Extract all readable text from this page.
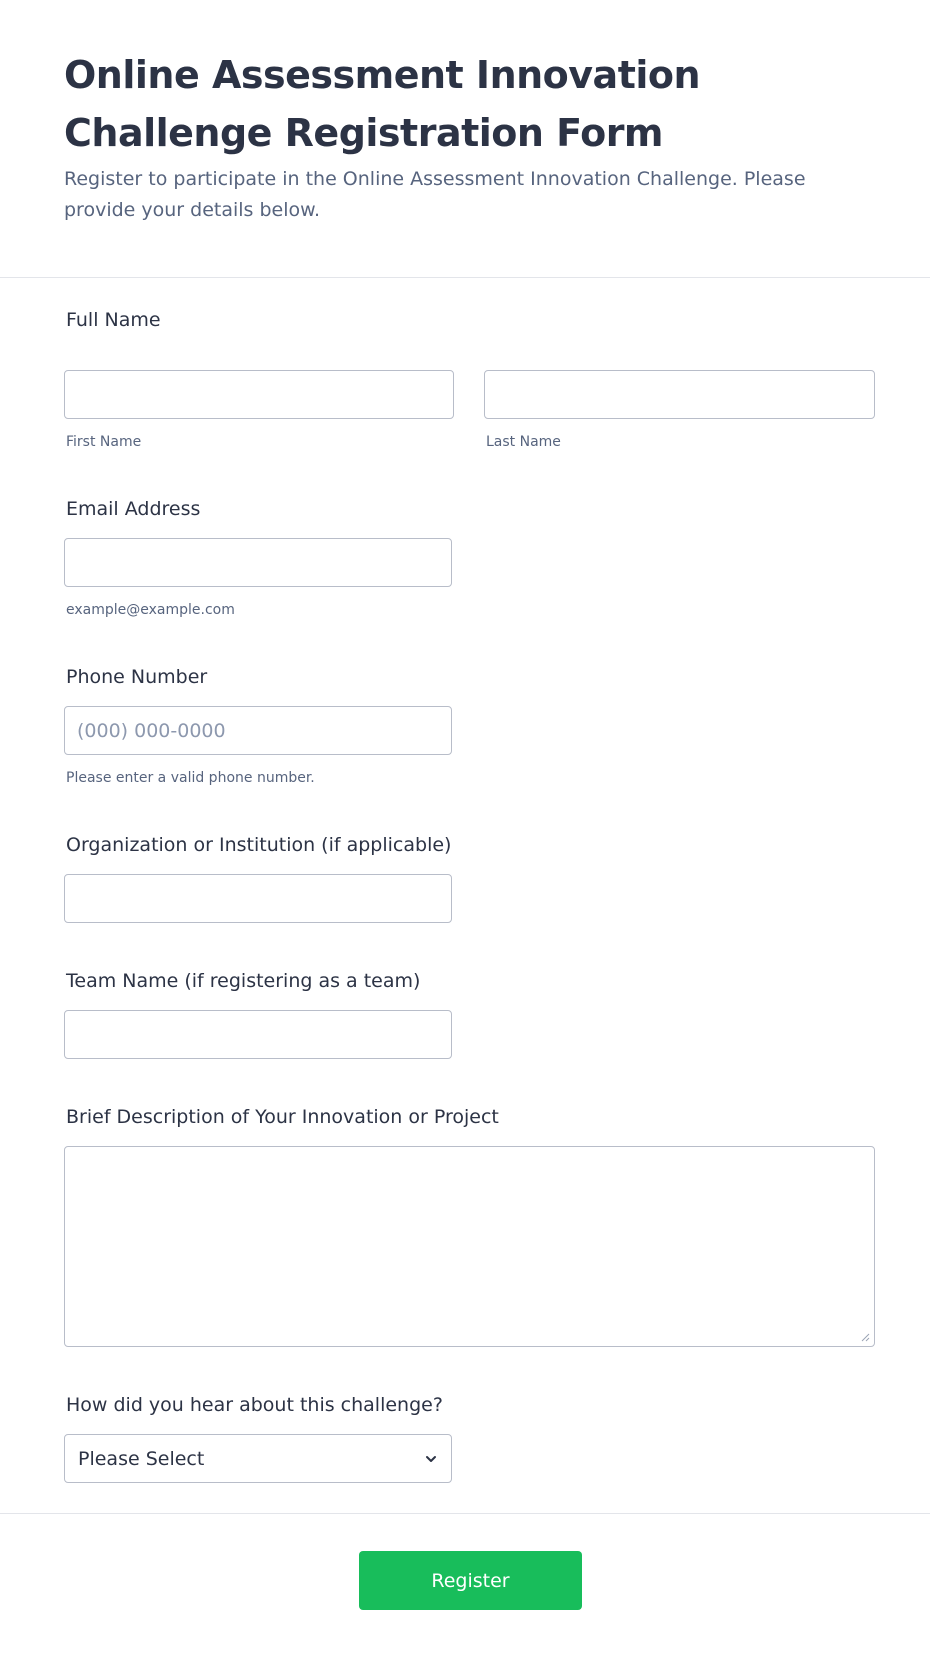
Online Assessment Innovation Challenge Registration Form

Register to participate in the Online Assessment Innovation Challenge. Please provide your details below.

Full Name
First Name	Last Name
Email Address
example@example.com
Phone Number
(000) 000-0000
Please enter a valid phone number.
Organization or Institution (if applicable)
Team Name (if registering as a team)
Brief Description of Your Innovation or Project
How did you hear about this challenge?
Please Select
Register
